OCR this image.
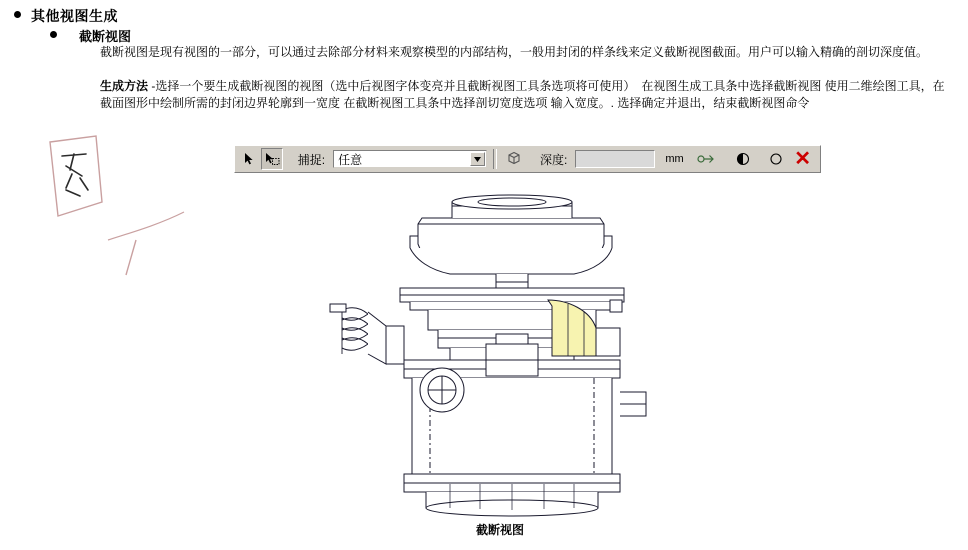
其他视图生成
截断视图
截断视图是现有视图的一部分，可以通过去除部分材料来观察模型的内部结构，一般用封闭的样条线来定义截断视图截面。用户可以输入精确的剖切深度值。
生成方法 -选择一个要生成截断视图的视图（选中后视图字体变亮并且截断视图工具条选项将可使用）　在视图生成工具条中选择截断视图 使用二维绘图工具，在截面图形中绘制所需的封闭边界轮廓到一宽度 在截断视图工具条中选择剖切宽度选项 输入宽度。. 选择确定并退出，结束截断视图命令
捕捉:	任意	深度:	mm	✕
截断视图
